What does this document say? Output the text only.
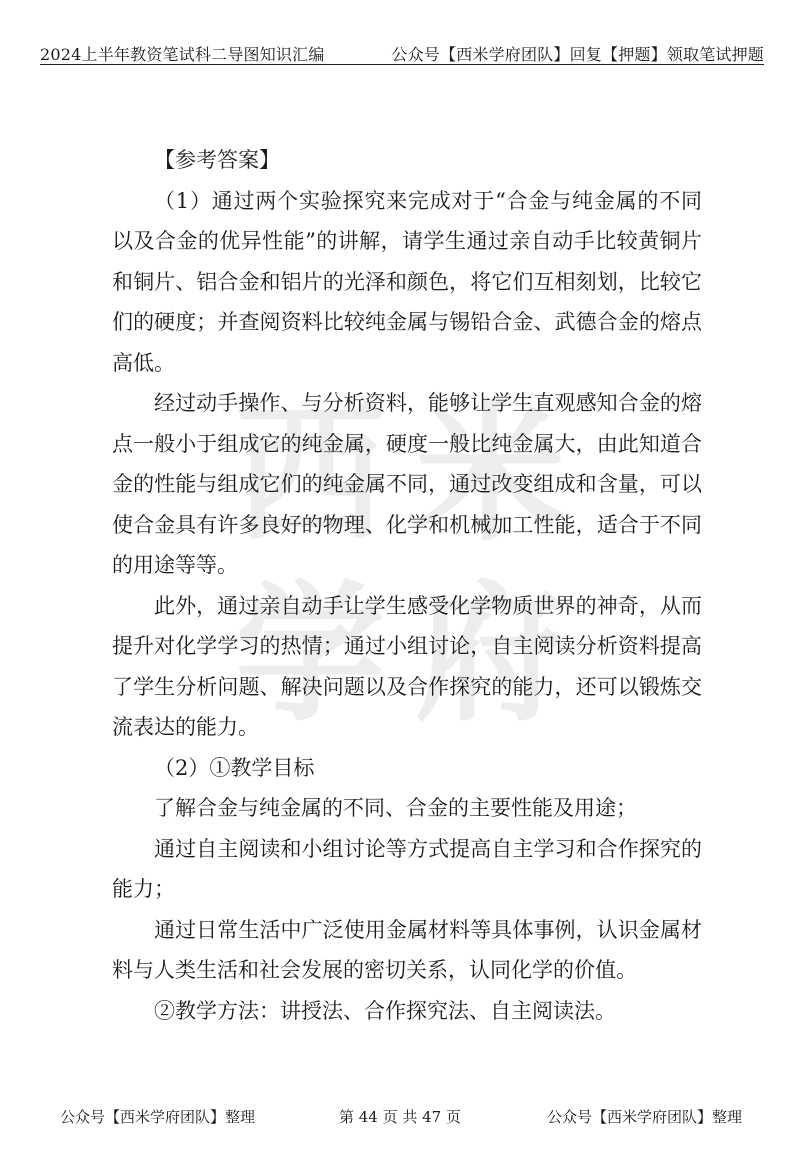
2024上半年教资笔试科二导图知识汇编	公众号【西米学府团队】回复【押题】领取笔试押题
西 米
学 府

【参考答案】

（1）通过两个实验探究来完成对于“合金与纯金属的不同以及合金的优异性能”的讲解，请学生通过亲自动手比较黄铜片和铜片、铝合金和铝片的光泽和颜色，将它们互相刻划，比较它们的硬度；并查阅资料比较纯金属与锡铅合金、武德合金的熔点高低。

经过动手操作、与分析资料，能够让学生直观感知合金的熔点一般小于组成它的纯金属，硬度一般比纯金属大，由此知道合金的性能与组成它们的纯金属不同，通过改变组成和含量，可以使合金具有许多良好的物理、化学和机械加工性能，适合于不同的用途等等。

此外，通过亲自动手让学生感受化学物质世界的神奇，从而提升对化学学习的热情；通过小组讨论，自主阅读分析资料提高了学生分析问题、解决问题以及合作探究的能力，还可以锻炼交流表达的能力。

（2）①教学目标

了解合金与纯金属的不同、合金的主要性能及用途；

通过自主阅读和小组讨论等方式提高自主学习和合作探究的能力；

通过日常生活中广泛使用金属材料等具体事例，认识金属材料与人类生活和社会发展的密切关系，认同化学的价值。

②教学方法：讲授法、合作探究法、自主阅读法。

公众号【西米学府团队】整理	第 44 页 共 47 页	公众号【西米学府团队】整理
